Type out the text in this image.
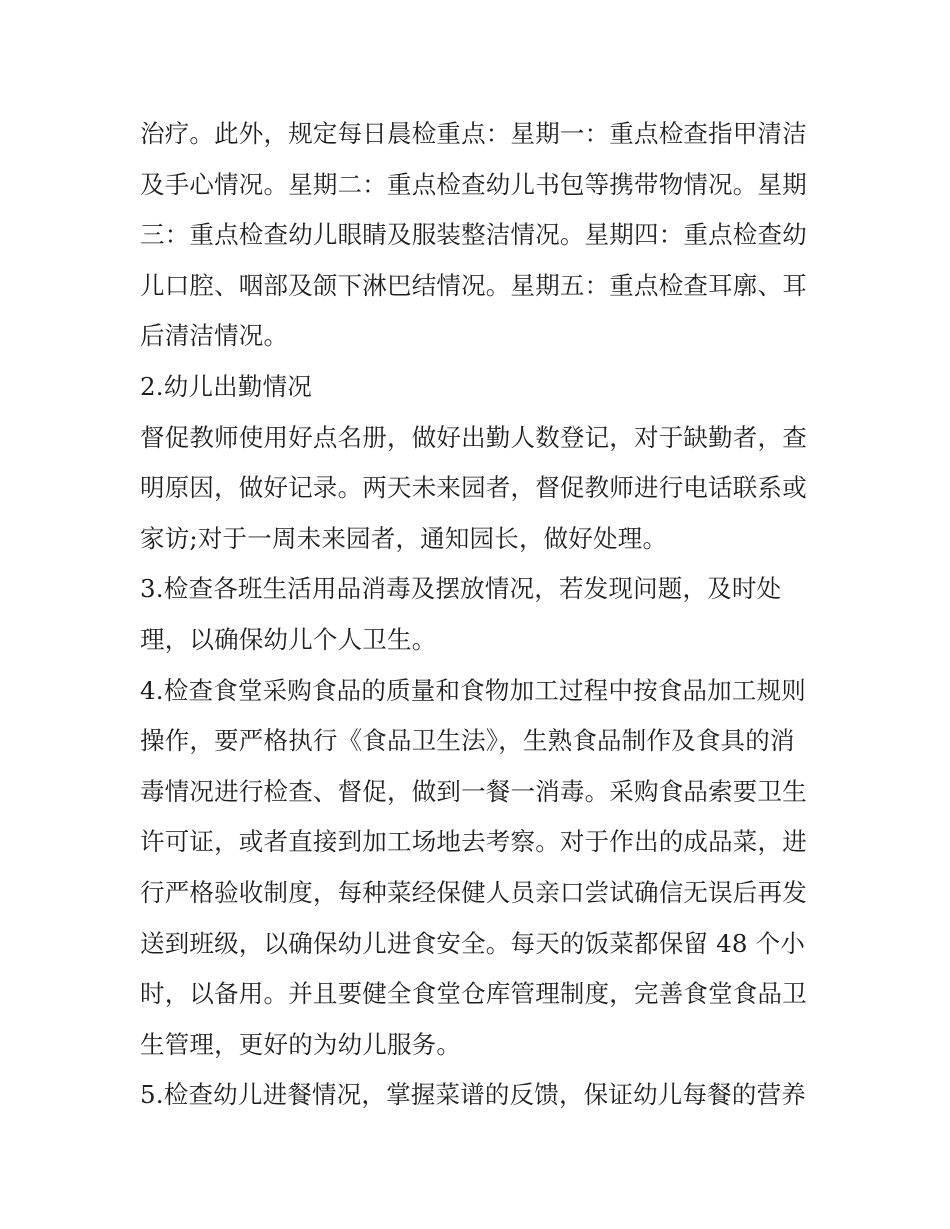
治疗。此外，规定每日晨检重点：星期一：重点检查指甲清洁
及手心情况。星期二：重点检查幼儿书包等携带物情况。星期
三：重点检查幼儿眼睛及服装整洁情况。星期四：重点检查幼
儿口腔、咽部及颌下淋巴结情况。星期五：重点检查耳廓、耳
后清洁情况。
2.幼儿出勤情况
督促教师使用好点名册，做好出勤人数登记，对于缺勤者，查
明原因，做好记录。两天未来园者，督促教师进行电话联系或
家访;对于一周未来园者，通知园长，做好处理。
3.检查各班生活用品消毒及摆放情况，若发现问题，及时处
理，以确保幼儿个人卫生。
4.检查食堂采购食品的质量和食物加工过程中按食品加工规则
操作，要严格执行《食品卫生法》，生熟食品制作及食具的消
毒情况进行检查、督促，做到一餐一消毒。采购食品索要卫生
许可证，或者直接到加工场地去考察。对于作出的成品菜，进
行严格验收制度，每种菜经保健人员亲口尝试确信无误后再发
送到班级，以确保幼儿进食安全。每天的饭菜都保留 48 个小
时，以备用。并且要健全食堂仓库管理制度，完善食堂食品卫
生管理，更好的为幼儿服务。
5.检查幼儿进餐情况，掌握菜谱的反馈，保证幼儿每餐的营养
